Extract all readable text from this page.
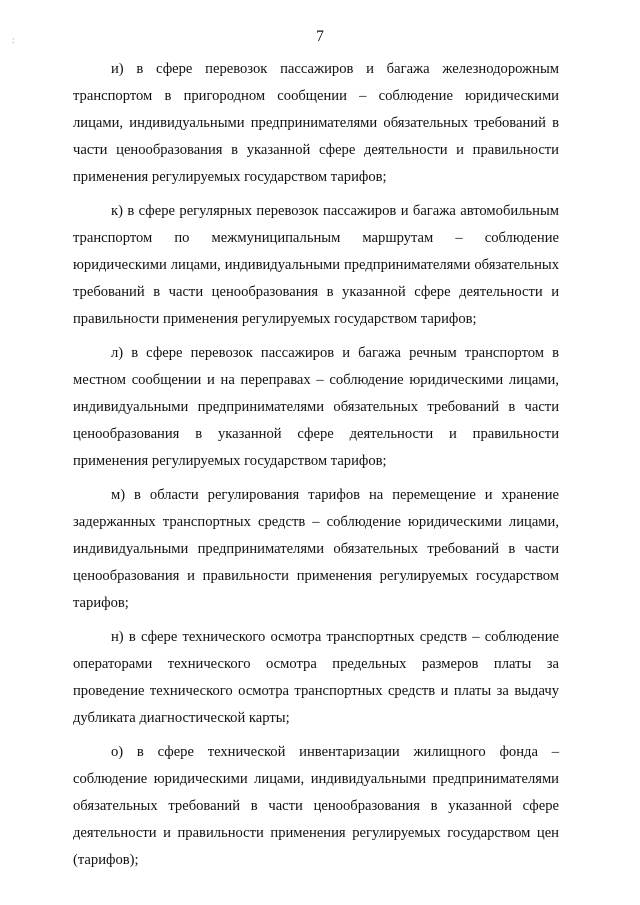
:	7

и) в сфере перевозок пассажиров и багажа железнодорожным транспортом в пригородном сообщении – соблюдение юридическими лицами, индивидуальными предпринимателями обязательных требований в части ценообразования в указанной сфере деятельности и правильности применения регулируемых государством тарифов;

к) в сфере регулярных перевозок пассажиров и багажа автомобильным транспортом по межмуниципальным маршрутам – соблюдение юридическими лицами, индивидуальными предпринимателями обязательных требований в части ценообразования в указанной сфере деятельности и правильности применения регулируемых государством тарифов;

л) в сфере перевозок пассажиров и багажа речным транспортом в местном сообщении и на переправах – соблюдение юридическими лицами, индивидуальными предпринимателями обязательных требований в части ценообразования в указанной сфере деятельности и правильности применения регулируемых государством тарифов;

м) в области регулирования тарифов на перемещение и хранение задержанных транспортных средств – соблюдение юридическими лицами, индивидуальными предпринимателями обязательных требований в части ценообразования и правильности применения регулируемых государством тарифов;

н) в сфере технического осмотра транспортных средств – соблюдение операторами технического осмотра предельных размеров платы за проведение технического осмотра транспортных средств и платы за выдачу дубликата диагностической карты;

о) в сфере технической инвентаризации жилищного фонда – соблюдение юридическими лицами, индивидуальными предпринимателями обязательных требований в части ценообразования в указанной сфере деятельности и правильности применения регулируемых государством цен (тарифов);
